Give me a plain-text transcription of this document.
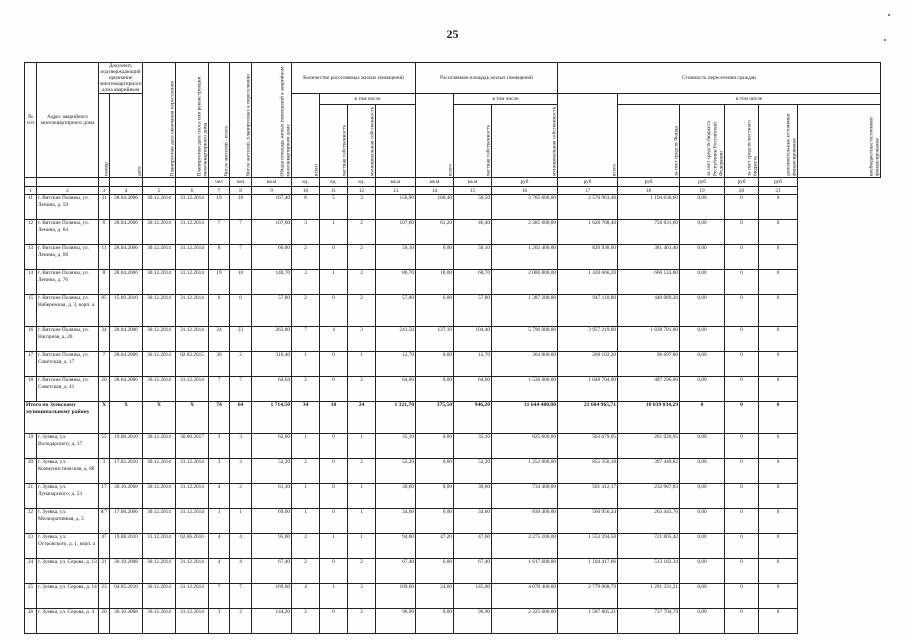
25
№ п/п	Адрес аварийного многоквартирного дома	Документ, подтверждающий признание многоквартирного дома аварийным		Планируемая дата окончания переселения	Планируемая дата сноса или реконструкции многоквартирного дома	Число жителей - всего	Число жителей, планируемых к переселению	Общая площадь жилых помещений в аварийном многоквартирном доме	Количество расселяемых жилых помещений				Расселяемая площадь жилых помещений			Стоимость переселения граждан					
		номер	дата						всего	в том числе			всего	в том числе		всего	в том числе				
										частная собственность	муниципальная собственность			частная собственность	муниципальная собственность		за счет средств Фонда	за счет средств бюджета Республики Российской Федерации	за счет средств местного бюджета	дополнительные источники финансирования	внебюджетные источники финансирования
						чел	чел	кв.м	ед.	ед.	ед.	кв.м	кв.м	кв.м	руб	руб	руб	руб	руб	руб	
1	2	3	4	5	6	7	8	9	10	11	12	13	14	15	16	17	18	19	20	21	
11	г. Вятские Поляны, ул. Ленина, д. 59	31	28.04.2006	30.12.2014	31.12.2014	19	16	167,40	8	5	3	156,90	100,40	56,50	3 765 600,00	2 570 963,40	1 194 636,60	0,00	0	0	
12	г. Вятские Поляны, ул. Ленина, д. 64	6	28.04.2006	30.12.2014	31.12.2014	7	7	107,60	3	1	2	107,60	61,20	46,40	2 385 600,00	1 628 768,40	756 831,60	0,00	0	0	
13	г. Вятские Поляны, ул. Ленина, д. 68	11	28.04.2006	30.12.2014	31.12.2014	8	7	66,00	2	0	2	50,10	0,00	50,10	1 202 400,00	820 938,60	381 461,40	0,00	0	0	
14	г. Вятские Поляны, ул. Ленина, д. 70	8	28.04.2006	30.12.2014	31.12.2014	19	10	140,70	3	1	2	86,70	18,00	68,70	2 080 800,00	1 420 666,20	660 133,80	0,00	0	0	
15	г. Вятские Поляны, ул. Набережная, д. 3, корп. а	85	15.09.2010	30.12.2014	31.12.2014	6	6	57,80	2	0	2	57,80	0,00	57,80	1 387 200,00	947 110,80	440 089,20	0,00	0	0	
16	г. Вятские Поляны, ул. Нагорная, д. 20	34	28.04.2006	30.12.2014	31.12.2014	24	23	263,80	7	4	3	241,50	137,10	104,40	5 796 000,00	3 957 219,00	1 838 781,00	0,00	0	0	
17	г. Вятские Поляны, ул. Советская, д. 17	7	28.04.2006	30.12.2014	02.02.2015	30	2	316,40	1	0	1	12,70	0,00	12,70	304 800,00	208 102,20	96 697,80	0,00	0	0	
18	г. Вятские Поляны, ул. Советская, д. 41	20	28.04.2006	30.12.2014	31.12.2014	7	7	64,64	2	0	2	64,00	0,00	64,00	1 536 000,00	1 048 704,00	487 296,00	0,00	0	0	
Итого по Зуевскому муниципальному району		X	X	X	X	74	64	1 714,50	34	10	24	1 321,70	375,50	946,20	31 644 400,00	21 604 965,71	10 039 034,29	0	0	0	
19	г. Зуевка, ул. Володарского, д. 37	55	19.08.2010	30.12.2014	30.06.2017	3	3	62,60	1	0	1	35,10	0,00	35,10	825 600,00	563 679,05	261 920,95	0,00	0	0	
20	г. Зуевка, ул. Коммунистическая, д. 8б	3	17.02.2010	30.12.2014	31.12.2014	3	3	52,20	2	0	2	52,20	0,00	52,20	1 252 800,00	855 350,18	397 449,82	0,00	0	0	
21	г. Зуевка, ул. Луначарского, д. 53	17	30.10.2008	30.12.2014	31.12.2014	4	2	61,30	1	0	1	30,60	0,00	30,60	734 400,00	501 412,17	232 987,83	0,00	0	0	
22	г. Зуевка, ул. Мелиоративная, д. 5	8/7	17.08.2006	30.12.2014	31.12.2014	1	1	69,00	1	0	1	34,60	0,00	34,60	830 400,00	566 956,24	263 443,76	0,00	0	0	
23	г. Зуевка, ул. Островского, д. 1, корп. а	47	19.08.2010	31.12.2014	02.06.2016	4	4	95,80	2	1	1	94,80	47,20	47,60	2 275 200,00	1 553 394,58	721 805,42	0,00	0	0	
24	г. Зуевка, ул. Серова, д. 13	21	30.10.2008	30.12.2014	31.12.2014	4	4	67,40	2	0	2	67,40	0,00	67,40	1 617 600,00	1 104 417,66	513 182,34	0,00	0	0	
25	г. Зуевка, ул. Серова, д. 14	23	04.05.2010	30.12.2014	31.12.2014	7	7	169,60	4	1	3	169,60	24,60	145,00	4 070 400,00	2 779 068,79	1 291 331,21	0,00	0	0	
26	г. Зуевка, ул. Серова, д. 4	20	30.10.2008	30.12.2014	31.12.2014	3	2	144,20	2	0	2	96,90	0,00	96,90	2 325 600,00	1 587 805,21	737 794,79	0,00	0	0	
